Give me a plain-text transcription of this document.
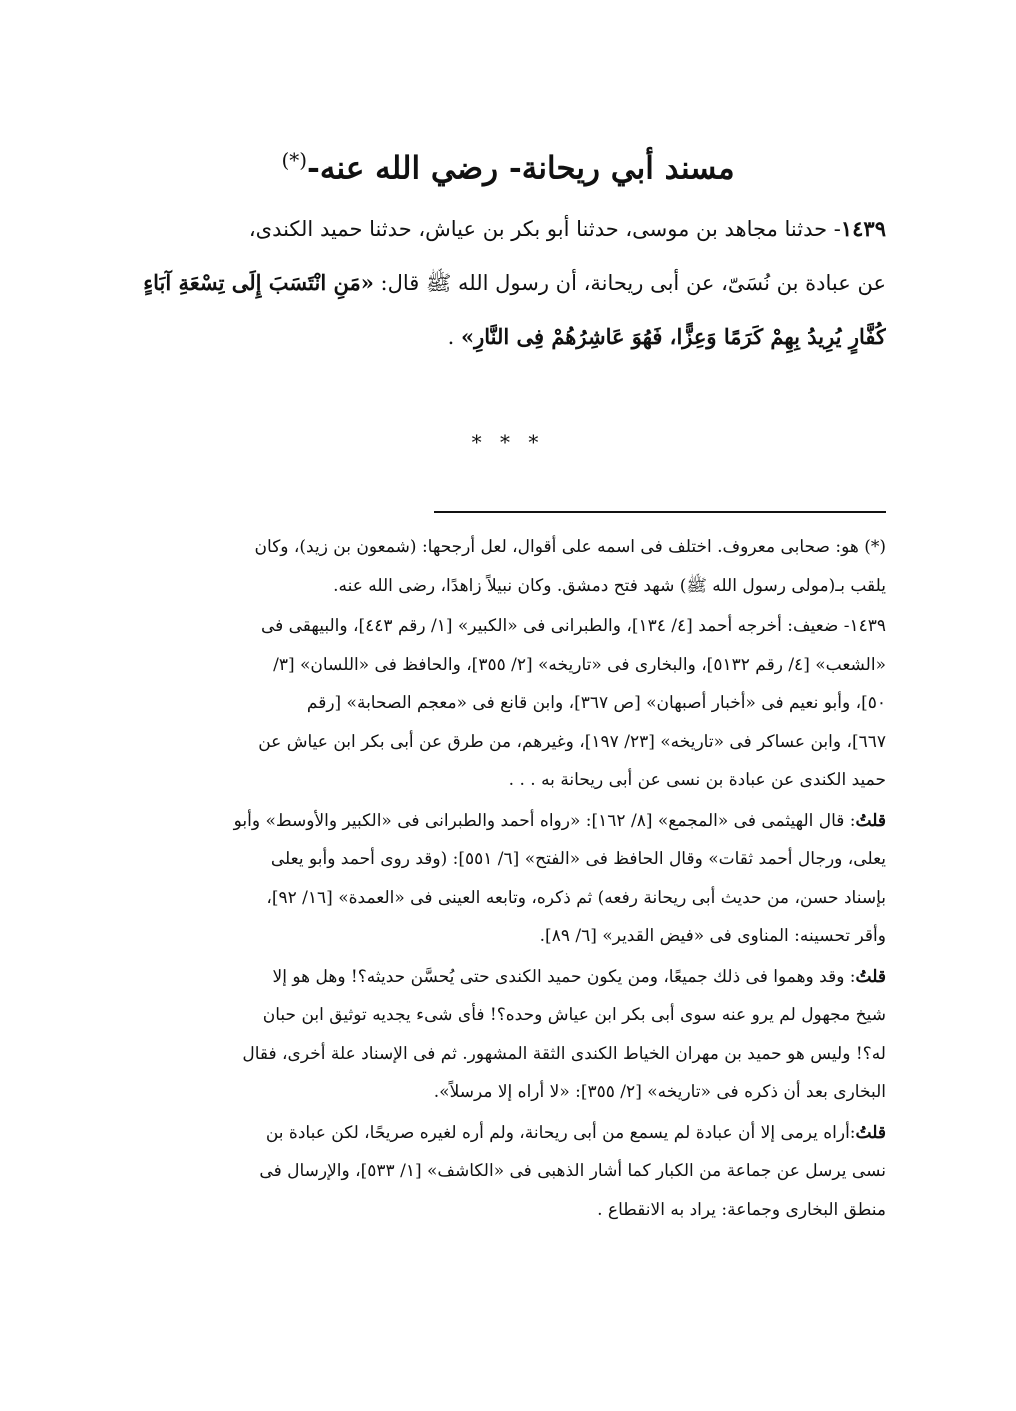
مسند أبي ريحانة- رضي الله عنه-(*)
١٤٣٩- حدثنا مجاهد بن موسى، حدثنا أبو بكر بن عياش، حدثنا حميد الكندى،
عن عبادة بن نُسَىّ، عن أبى ريحانة، أن رسول الله ﷺ قال: «مَنِ انْتَسَبَ إِلَى تِسْعَةِ آبَاءٍ
كُفَّارٍ يُرِيدُ بِهِمْ كَرَمًا وَعِزًّا، فَهُوَ عَاشِرُهُمْ فِى النَّارِ» .
* * *
(*) هو: صحابى معروف. اختلف فى اسمه على أقوال، لعل أرجحها: (شمعون بن زيد)، وكان
يلقب بـ(مولى رسول الله ﷺ) شهد فتح دمشق. وكان نبيلاً زاهدًا، رضى الله عنه.
١٤٣٩- ضعيف: أخرجه أحمد [٤/ ١٣٤]، والطبرانى فى «الكبير» [١/ رقم ٤٤٣]، والبيهقى فى
«الشعب» [٤/ رقم ٥١٣٢]، والبخارى فى «تاريخه» [٢/ ٣٥٥]، والحافظ فى «اللسان» [٣/
٥٠]، وأبو نعيم فى «أخبار أصبهان» [ص ٣٦٧]، وابن قانع فى «معجم الصحابة» [رقم
٦٦٧]، وابن عساكر فى «تاريخه» [٢٣/ ١٩٧]، وغيرهم، من طرق عن أبى بكر ابن عياش عن
حميد الكندى عن عبادة بن نسى عن أبى ريحانة به . . .
قلتُ: قال الهيثمى فى «المجمع» [٨/ ١٦٢]: «رواه أحمد والطبرانى فى «الكبير والأوسط» وأبو
يعلى، ورجال أحمد ثقات» وقال الحافظ فى «الفتح» [٦/ ٥٥١]: (وقد روى أحمد وأبو يعلى
بإسناد حسن، من حديث أبى ريحانة رفعه) ثم ذكره، وتابعه العينى فى «العمدة» [١٦/ ٩٢]،
وأقر تحسينه: المناوى فى «فيض القدير» [٦/ ٨٩].
قلتُ: وقد وهموا فى ذلك جميعًا، ومن يكون حميد الكندى حتى يُحسَّن حديثه؟! وهل هو إلا
شيخ مجهول لم يرو عنه سوى أبى بكر ابن عياش وحده؟! فأى شىء يجديه توثيق ابن حبان
له؟! وليس هو حميد بن مهران الخياط الكندى الثقة المشهور. ثم فى الإسناد علة أخرى، فقال
البخارى بعد أن ذكره فى «تاريخه» [٢/ ٣٥٥]: «لا أراه إلا مرسلاً».
قلتُ:أراه يرمى إلا أن عبادة لم يسمع من أبى ريحانة، ولم أره لغيره صريحًا، لكن عبادة بن
نسى يرسل عن جماعة من الكبار كما أشار الذهبى فى «الكاشف» [١/ ٥٣٣]، والإرسال فى
منطق البخارى وجماعة: يراد به الانقطاع .
